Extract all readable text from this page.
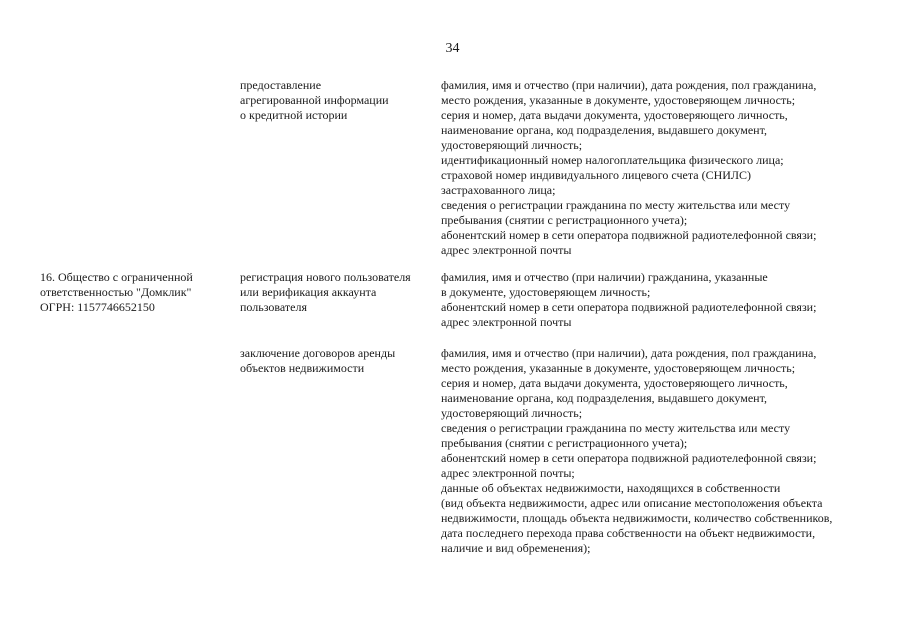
34
предоставление
агрегированной информации
о кредитной истории
фамилия, имя и отчество (при наличии), дата рождения, пол гражданина,
место рождения, указанные в документе, удостоверяющем личность;
серия и номер, дата выдачи документа, удостоверяющего личность,
наименование органа, код подразделения, выдавшего документ,
удостоверяющий личность;
идентификационный номер налогоплательщика физического лица;
страховой номер индивидуального лицевого счета (СНИЛС)
застрахованного лица;
сведения о регистрации гражданина по месту жительства или месту
пребывания (снятии с регистрационного учета);
абонентский номер в сети оператора подвижной радиотелефонной связи;
адрес электронной почты
16. Общество с ограниченной
ответственностью "Домклик"
ОГРН: 1157746652150
регистрация нового пользователя
или верификация аккаунта
пользователя
фамилия, имя и отчество (при наличии) гражданина, указанные
в документе, удостоверяющем личность;
абонентский номер в сети оператора подвижной радиотелефонной связи;
адрес электронной почты
заключение договоров аренды
объектов недвижимости
фамилия, имя и отчество (при наличии), дата рождения, пол гражданина,
место рождения, указанные в документе, удостоверяющем личность;
серия и номер, дата выдачи документа, удостоверяющего личность,
наименование органа, код подразделения, выдавшего документ,
удостоверяющий личность;
сведения о регистрации гражданина по месту жительства или месту
пребывания (снятии с регистрационного учета);
абонентский номер в сети оператора подвижной радиотелефонной связи;
адрес электронной почты;
данные об объектах недвижимости, находящихся в собственности
(вид объекта недвижимости, адрес или описание местоположения объекта
недвижимости, площадь объекта недвижимости, количество собственников,
дата последнего перехода права собственности на объект недвижимости,
наличие и вид обременения);
